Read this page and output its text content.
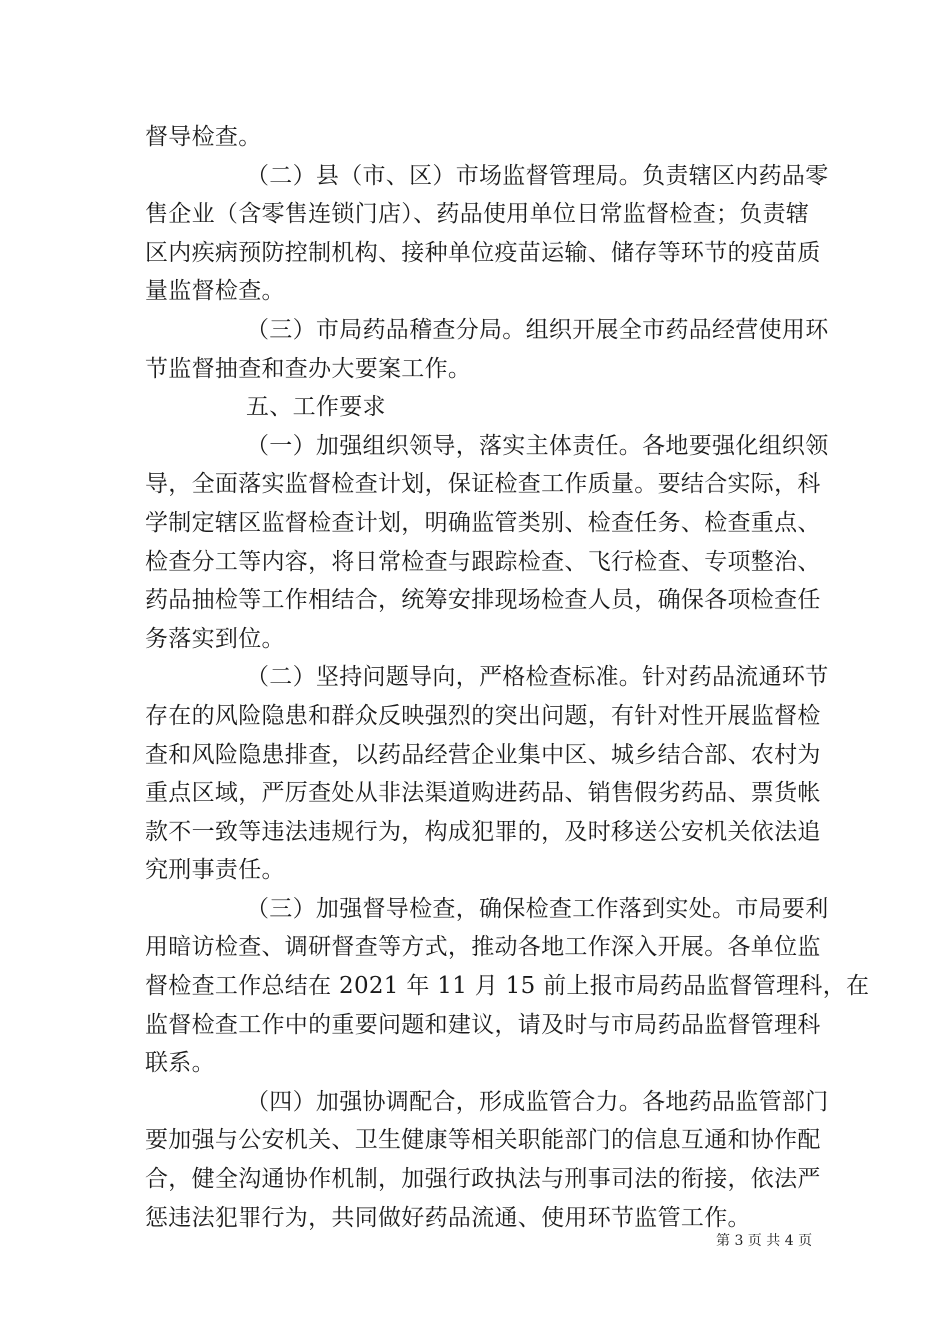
督导检查。
（二）县（市、区）市场监督管理局。负责辖区内药品零
售企业（含零售连锁门店）、药品使用单位日常监督检查；负责辖
区内疾病预防控制机构、接种单位疫苗运输、储存等环节的疫苗质
量监督检查。
（三）市局药品稽查分局。组织开展全市药品经营使用环
节监督抽查和查办大要案工作。
五、工作要求
（一）加强组织领导，落实主体责任。各地要强化组织领
导，全面落实监督检查计划，保证检查工作质量。要结合实际，科
学制定辖区监督检查计划，明确监管类别、检查任务、检查重点、
检查分工等内容，将日常检查与跟踪检查、飞行检查、专项整治、
药品抽检等工作相结合，统筹安排现场检查人员，确保各项检查任
务落实到位。
（二）坚持问题导向，严格检查标准。针对药品流通环节
存在的风险隐患和群众反映强烈的突出问题，有针对性开展监督检
查和风险隐患排查，以药品经营企业集中区、城乡结合部、农村为
重点区域，严厉查处从非法渠道购进药品、销售假劣药品、票货帐
款不一致等违法违规行为，构成犯罪的，及时移送公安机关依法追
究刑事责任。
（三）加强督导检查，确保检查工作落到实处。市局要利
用暗访检查、调研督查等方式，推动各地工作深入开展。各单位监
督检查工作总结在 2021 年 11 月 15 前上报市局药品监督管理科，在
监督检查工作中的重要问题和建议，请及时与市局药品监督管理科
联系。
（四）加强协调配合，形成监管合力。各地药品监管部门
要加强与公安机关、卫生健康等相关职能部门的信息互通和协作配
合，健全沟通协作机制，加强行政执法与刑事司法的衔接，依法严
惩违法犯罪行为，共同做好药品流通、使用环节监管工作。
第 3 页 共 4 页
